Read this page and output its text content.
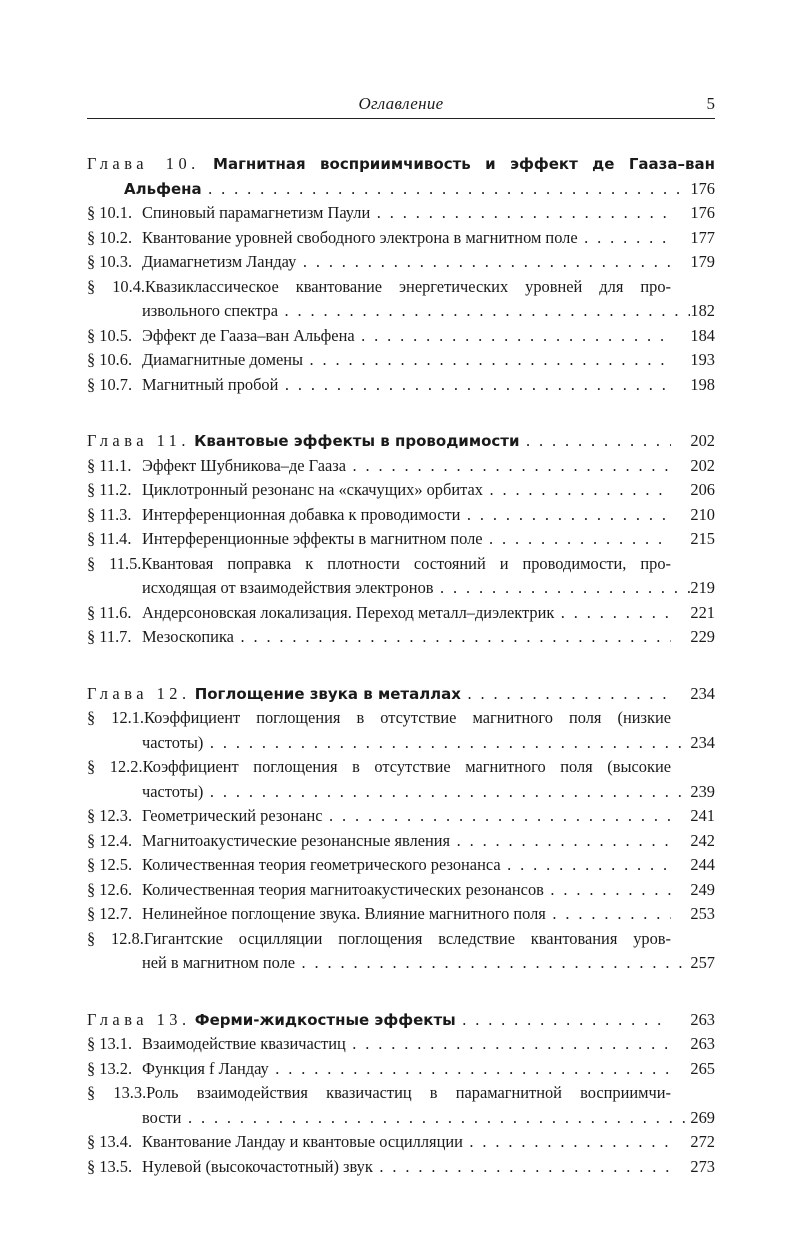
Оглавление	5
Глава 10. Магнитная восприимчивость и эффект де Гааза–ван
Альфена . . .	176
§ 10.1. Спиновый парамагнетизм Паули . . .	176
§ 10.2. Квантование уровней свободного электрона в магнитном поле . . .	177
§ 10.3. Диамагнетизм Ландау . . .	179
§ 10.4.Квазиклассическое квантование энергетических уровней для про-
извольного спектра . . .	182
§ 10.5. Эффект де Гааза–ван Альфена . . .	184
§ 10.6. Диамагнитные домены . . .	193
§ 10.7. Магнитный пробой . . .	198
Глава 11. Квантовые эффекты в проводимости . . .	202
§ 11.1. Эффект Шубникова–де Гааза . . .	202
§ 11.2. Циклотронный резонанс на «скачущих» орбитах . . .	206
§ 11.3. Интерференционная добавка к проводимости . . .	210
§ 11.4. Интерференционные эффекты в магнитном поле . . .	215
§ 11.5.Квантовая поправка к плотности состояний и проводимости, про-
исходящая от взаимодействия электронов . . .	219
§ 11.6. Андерсоновская локализация. Переход металл–диэлектрик . . .	221
§ 11.7. Мезоскопика . . .	229
Глава 12. Поглощение звука в металлах . . .	234
§ 12.1.Коэффициент поглощения в отсутствие магнитного поля (низкие
частоты) . . .	234
§ 12.2.Коэффициент поглощения в отсутствие магнитного поля (высокие
частоты) . . .	239
§ 12.3. Геометрический резонанс . . .	241
§ 12.4. Магнитоакустические резонансные явления . . .	242
§ 12.5. Количественная теория геометрического резонанса . . .	244
§ 12.6. Количественная теория магнитоакустических резонансов . . .	249
§ 12.7. Нелинейное поглощение звука. Влияние магнитного поля . . .	253
§ 12.8.Гигантские осцилляции поглощения вследствие квантования уров-
ней в магнитном поле . . .	257
Глава 13. Ферми-жидкостные эффекты . . .	263
§ 13.1. Взаимодействие квазичастиц . . .	263
§ 13.2. Функция f Ландау . . .	265
§ 13.3.Роль взаимодействия квазичастиц в парамагнитной восприимчи-
вости . . .	269
§ 13.4. Квантование Ландау и квантовые осцилляции . . .	272
§ 13.5. Нулевой (высокочастотный) звук . . .	273
